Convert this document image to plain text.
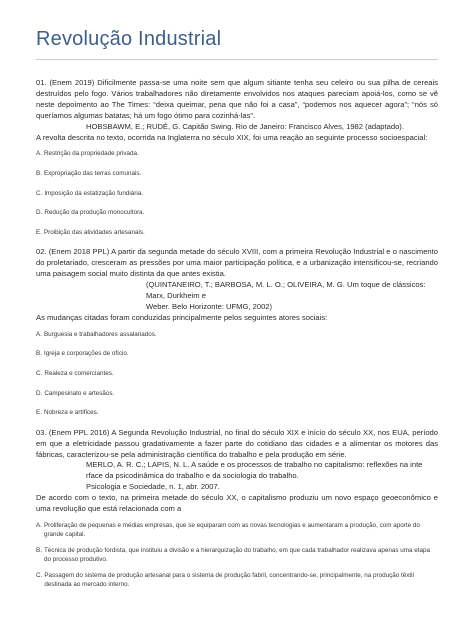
Revolução Industrial

01. (Enem 2019) Dificilmente passa-se uma noite sem que algum sitiante tenha seu celeiro ou sua pilha de cereais destruídos pelo fogo. Vários trabalhadores não diretamente envolvidos nos ataques pareciam apoiá-los, como se vê neste depoimento ao The Times: “deixa queimar, pena que não foi a casa”, “podemos nos aquecer agora”; “nós só queríamos algumas batatas; há um fogo ótimo para cozinhá-las”.

HOBSBAWM, E.; RUDÉ, G. Capitão Swing. Rio de Janeiro: Francisco Alves, 1982 (adaptado).

A revolta descrita no texto, ocorrida na Inglaterra no século XIX, foi uma reação ao seguinte processo socioespacial:

A. Restrição da propriedade privada.
B. Expropriação das terras comunais.
C. Imposição da estatização fundiária.
D. Redução da produção monocultora.
E. Proibição das atividades artesanais.

02. (Enem 2018 PPL) A partir da segunda metade do século XVIII, com a primeira Revolução Industrial e o nascimento do proletariado, cresceram as pressões por uma maior participação política, e a urbanização intensificou-se, recriando uma paisagem social muito distinta da que antes existia.

(QUINTANEIRO, T.; BARBOSA, M. L. O.; OLIVEIRA, M. G. Um toque de clássicos: Marx, Durkheim e

Weber. Belo Horizonte: UFMG, 2002)

As mudanças citadas foram conduzidas principalmente pelos seguintes atores sociais:

A. Burguesia e trabalhadores assalariados.
B. Igreja e corporações de ofício.
C. Realeza e comerciantes.
D. Campesinato e artesãos.
E. Nobreza e artífices.

03. (Enem PPL 2016) A Segunda Revolução Industrial, no final do século XIX e início do século XX, nos EUA, período em que a eletricidade passou gradativamente a fazer parte do cotidiano das cidades e a alimentar os motores das fábricas, caracterizou-se pela administração científica do trabalho e pela produção em série.

MERLO, A. R. C.; LAPIS, N. L. A saúde e os processos de trabalho no capitalismo: reflexões na inte

rface da psicodinâmica do trabalho e da sociologia do trabalho.

Psicologia e Sociedade, n. 1, abr. 2007.

De acordo com o texto, na primeira metade do século XX, o capitalismo produziu um novo espaço geoeconômico e uma revolução que está relacionada com a

A. Proliferação de pequenas e médias empresas, que se equiparam com as novas tecnologias e aumentaram a produção, com aporte do grande capital.
B. Técnica de produção fordista, que instituiu a divisão e a hierarquização do trabalho, em que cada trabalhador realizava apenas uma etapa do processo produtivo.
C. Passagem do sistema de produção artesanal para o sistema de produção fabril, concentrando-se, principalmente, na produção têxtil destinada ao mercado interno.
